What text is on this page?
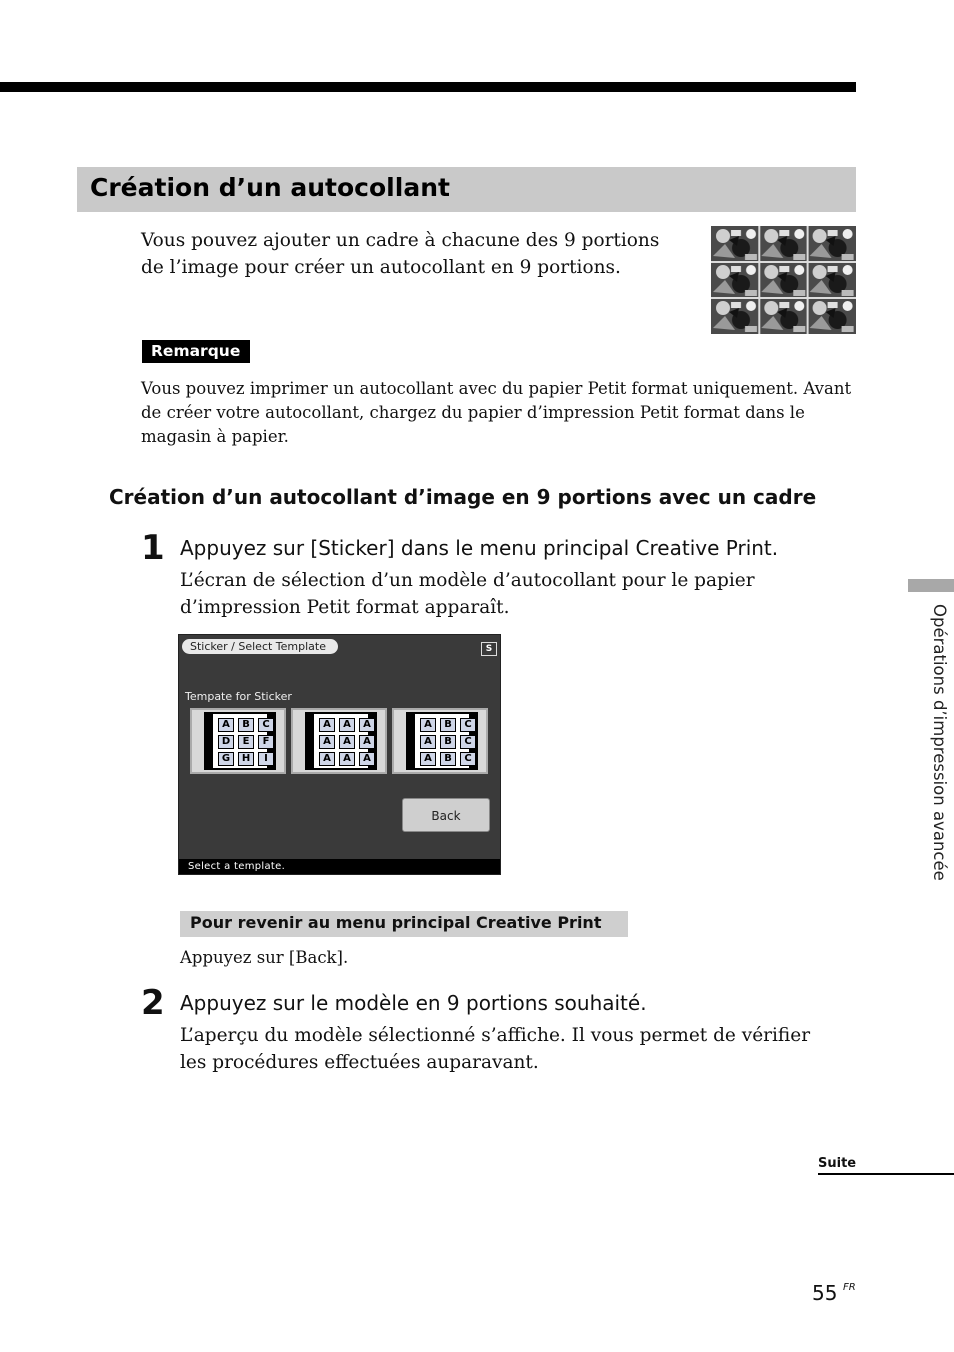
Création d’un autocollant
Vous pouvez ajouter un cadre à chacune des 9 portions de l’image pour créer un autocollant en 9 portions.
Remarque
Vous pouvez imprimer un autocollant avec du papier Petit format uniquement. Avant de créer votre autocollant, chargez du papier d’impression Petit format dans le magasin à papier.
Création d’un autocollant d’image en 9 portions avec un cadre
1 Appuyez sur [Sticker] dans le menu principal Creative Print.
L’écran de sélection d’un modèle d’autocollant pour le papier d’impression Petit format apparaît.
Sticker / Select Template	S
Tempate for Sticker
A	B	C
D	E	F
G	H	I
A	A	A
A	A	A
A	A	A
A	B	C
A	B	C
A	B	C
Back
Select a template.
Pour revenir au menu principal Creative Print
Appuyez sur [Back].
2 Appuyez sur le modèle en 9 portions souhaité.
L’aperçu du modèle sélectionné s’affiche. Il vous permet de vérifier les procédures effectuées auparavant.
Opérations d’impression avancée
Suite
55 FR
